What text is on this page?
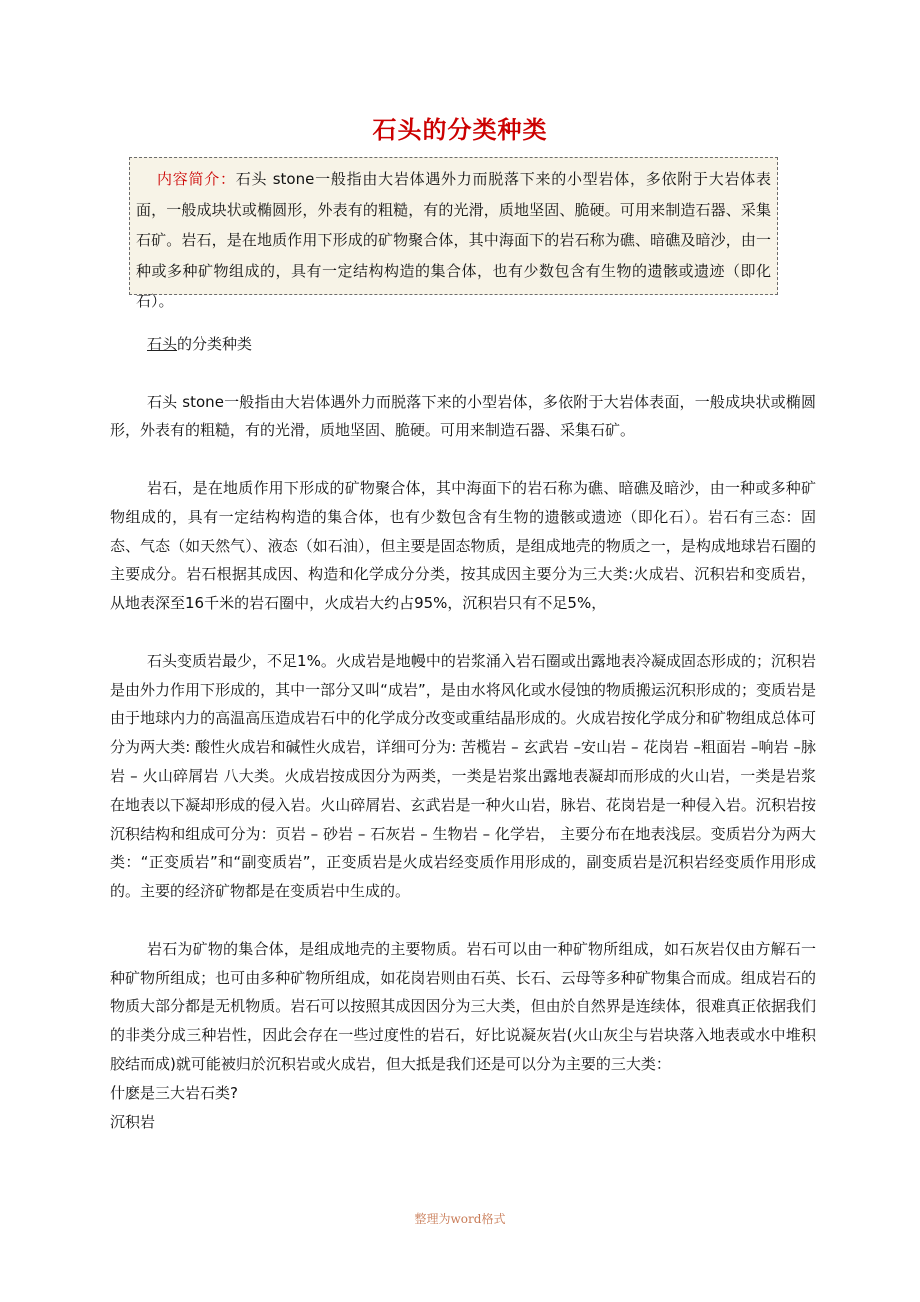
石头的分类种类
内容简介：石头 stone一般指由大岩体遇外力而脱落下来的小型岩体，多依附于大岩体表面，一般成块状或椭圆形，外表有的粗糙，有的光滑，质地坚固、脆硬。可用来制造石器、采集石矿。岩石，是在地质作用下形成的矿物聚合体，其中海面下的岩石称为礁、暗礁及暗沙，由一种或多种矿物组成的，具有一定结构构造的集合体，也有少数包含有生物的遗骸或遗迹（即化石）。

石头的分类种类

石头 stone一般指由大岩体遇外力而脱落下来的小型岩体，多依附于大岩体表面，一般成块状或椭圆形，外表有的粗糙，有的光滑，质地坚固、脆硬。可用来制造石器、采集石矿。

岩石，是在地质作用下形成的矿物聚合体，其中海面下的岩石称为礁、暗礁及暗沙，由一种或多种矿物组成的，具有一定结构构造的集合体，也有少数包含有生物的遗骸或遗迹（即化石）。岩石有三态：固态、气态（如天然气）、液态（如石油），但主要是固态物质，是组成地壳的物质之一，是构成地球岩石圈的主要成分。岩石根据其成因、构造和化学成分分类，按其成因主要分为三大类:火成岩、沉积岩和变质岩，从地表深至16千米的岩石圈中，火成岩大约占95%，沉积岩只有不足5%，

石头变质岩最少，不足1%。火成岩是地幔中的岩浆涌入岩石圈或出露地表冷凝成固态形成的；沉积岩是由外力作用下形成的，其中一部分又叫“成岩”，是由水将风化或水侵蚀的物质搬运沉积形成的；变质岩是由于地球内力的高温高压造成岩石中的化学成分改变或重结晶形成的。火成岩按化学成分和矿物组成总体可分为两大类: 酸性火成岩和碱性火成岩，详细可分为: 苦榄岩 – 玄武岩 –安山岩 – 花岗岩 –粗面岩 –响岩 –脉岩 – 火山碎屑岩 八大类。火成岩按成因分为两类，一类是岩浆出露地表凝却而形成的火山岩，一类是岩浆在地表以下凝却形成的侵入岩。火山碎屑岩、玄武岩是一种火山岩，脉岩、花岗岩是一种侵入岩。沉积岩按沉积结构和组成可分为：页岩 – 砂岩 – 石灰岩 – 生物岩 – 化学岩， 主要分布在地表浅层。变质岩分为两大类：“正变质岩”和“副变质岩”，正变质岩是火成岩经变质作用形成的，副变质岩是沉积岩经变质作用形成的。主要的经济矿物都是在变质岩中生成的。

岩石为矿物的集合体，是组成地壳的主要物质。岩石可以由一种矿物所组成，如石灰岩仅由方解石一种矿物所组成；也可由多种矿物所组成，如花岗岩则由石英、长石、云母等多种矿物集合而成。组成岩石的物质大部分都是无机物质。岩石可以按照其成因因分为三大类，但由於自然界是连续体，很难真正依据我们的非类分成三种岩性，因此会存在一些过度性的岩石，好比说凝灰岩(火山灰尘与岩块落入地表或水中堆积胶结而成)就可能被归於沉积岩或火成岩，但大抵是我们还是可以分为主要的三大类：

什麽是三大岩石类?

沉积岩

整理为word格式
